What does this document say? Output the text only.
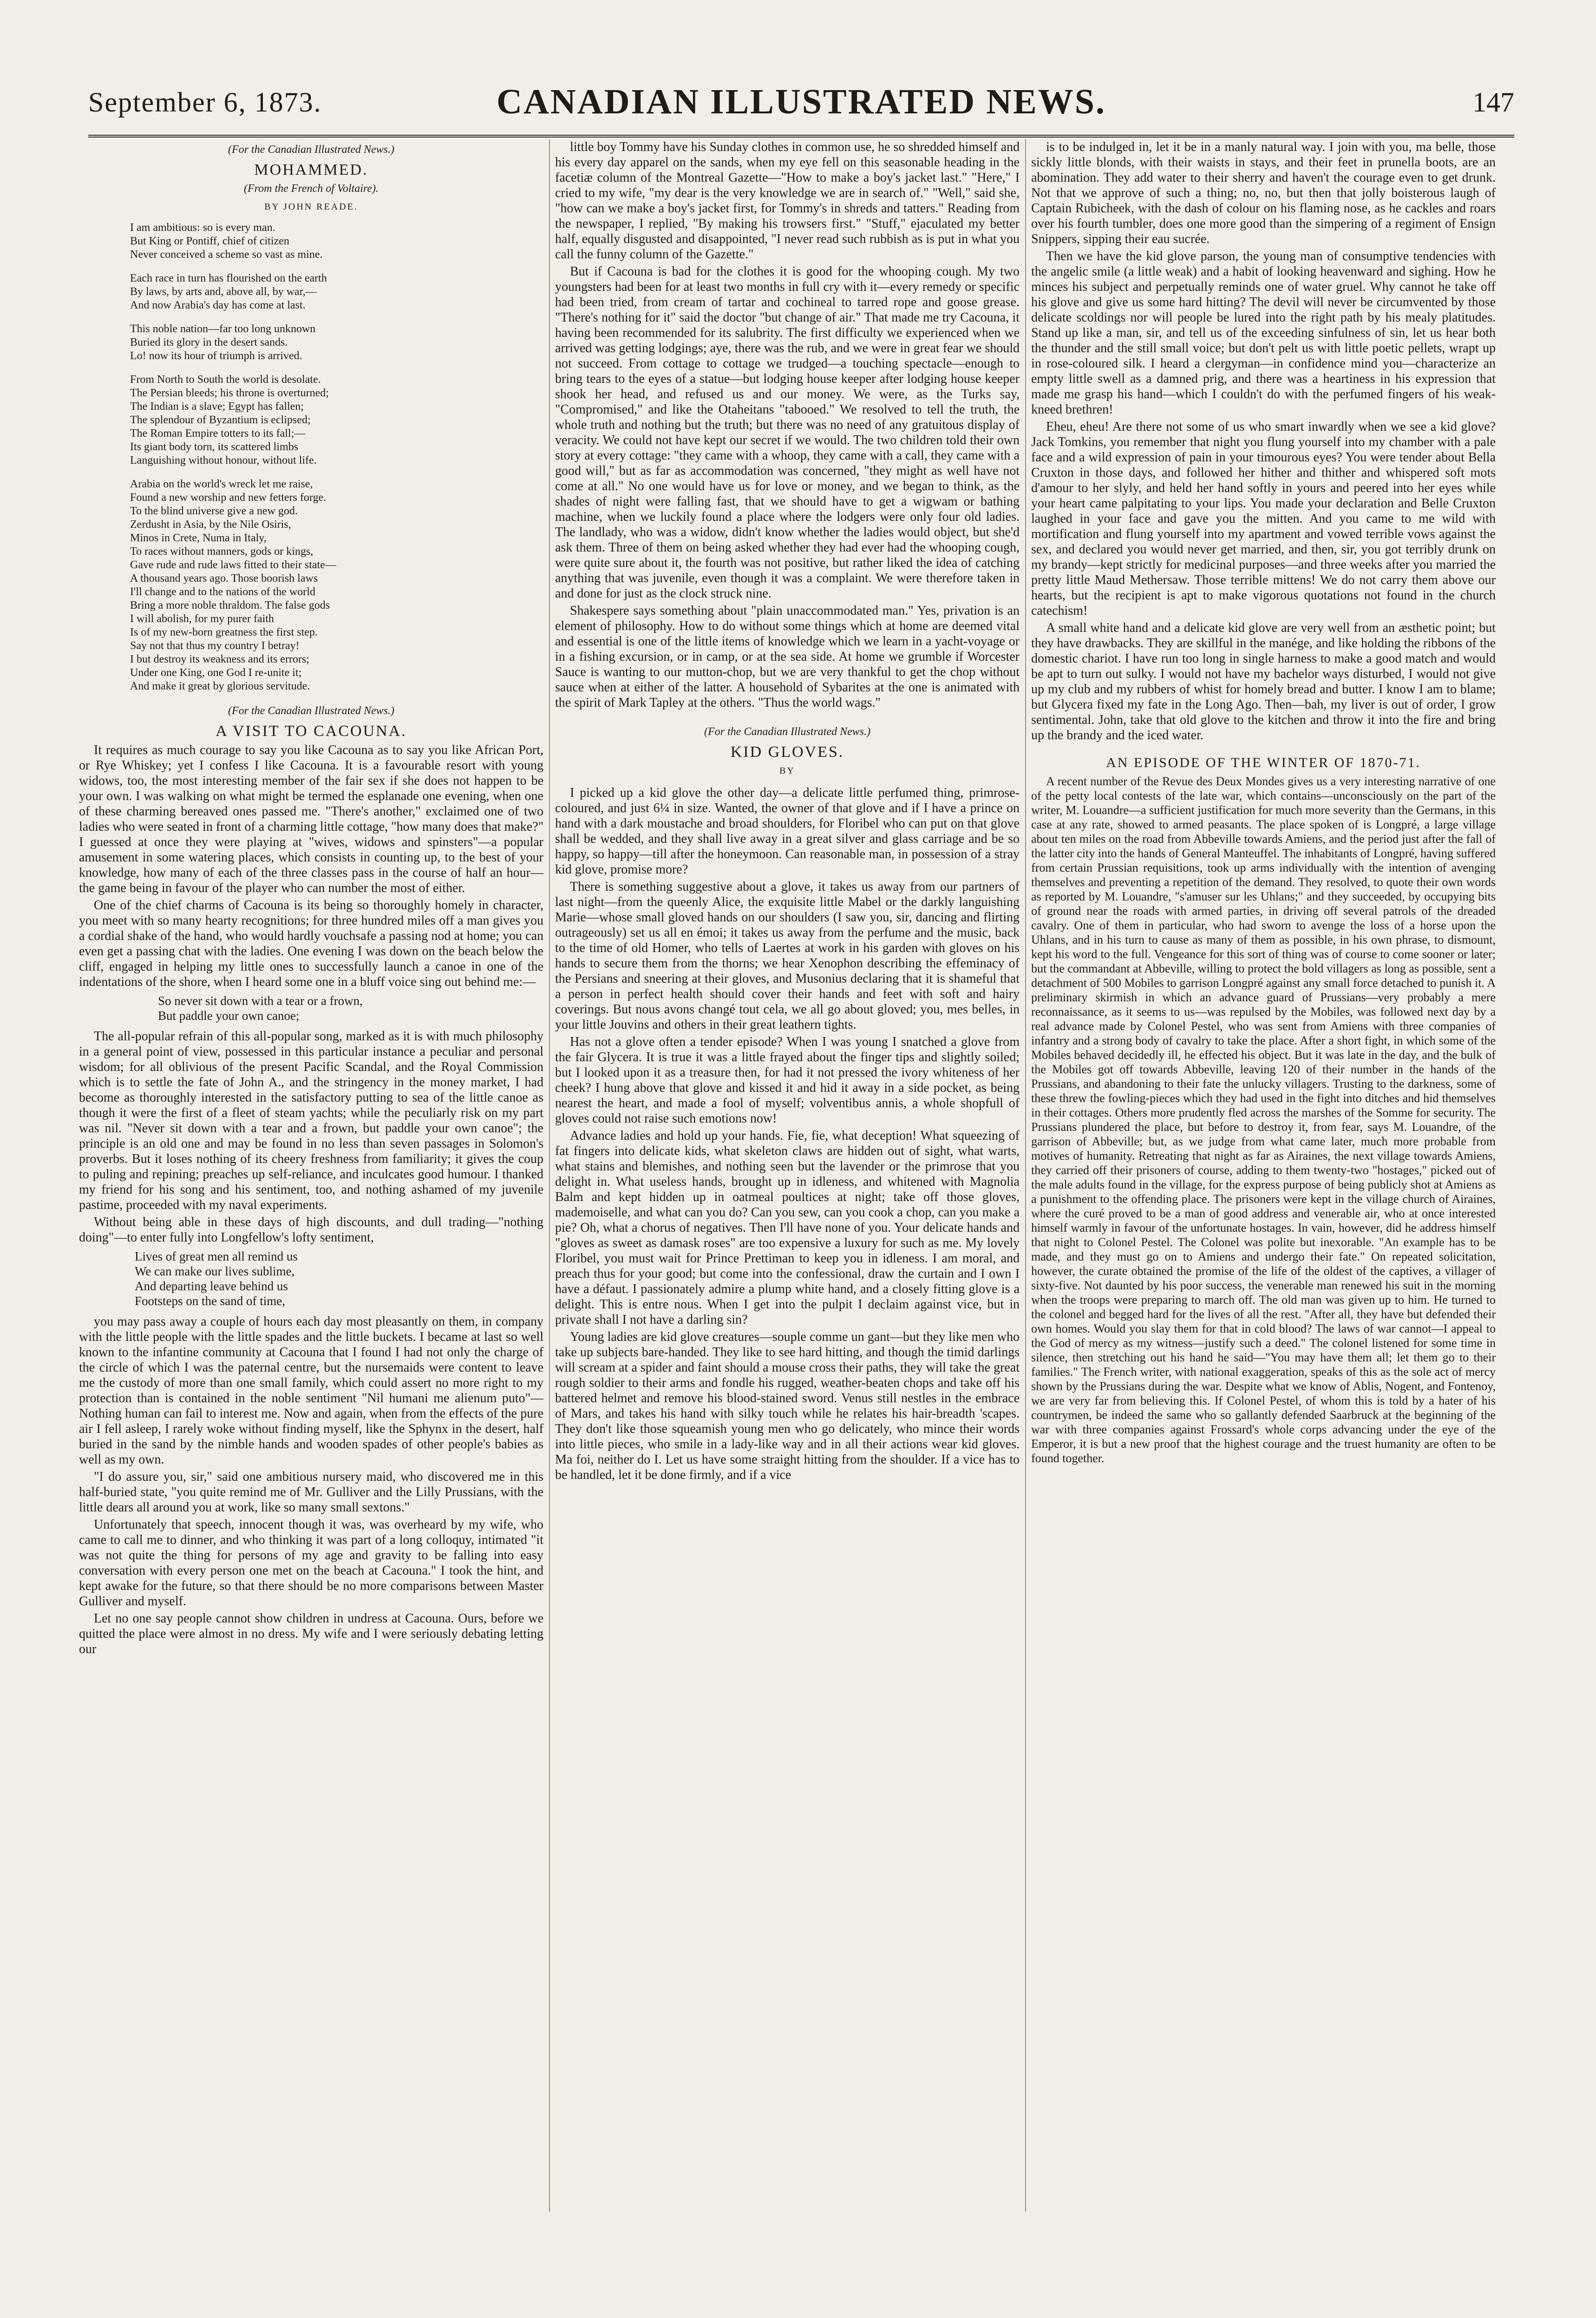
September 6, 1873.	CANADIAN ILLUSTRATED NEWS.	147
(For the Canadian Illustrated News.)
MOHAMMED.
(From the French of Voltaire).
BY JOHN READE.
I am ambitious: so is every man.
But King or Pontiff, chief of citizen
Never conceived a scheme so vast as mine.
Each race in turn has flourished on the earth
By laws, by arts and, above all, by war,—
And now Arabia's day has come at last.
This noble nation—far too long unknown
Buried its glory in the desert sands.
Lo! now its hour of triumph is arrived.
From North to South the world is desolate.
The Persian bleeds; his throne is overturned;
The Indian is a slave; Egypt has fallen;
The splendour of Byzantium is eclipsed;
The Roman Empire totters to its fall;—
Its giant body torn, its scattered limbs
Languishing without honour, without life.
Arabia on the world's wreck let me raise,
Found a new worship and new fetters forge.
To the blind universe give a new god.
Zerdusht in Asia, by the Nile Osiris,
Minos in Crete, Numa in Italy,
To races without manners, gods or kings,
Gave rude and rude laws fitted to their state—
A thousand years ago. Those boorish laws
I'll change and to the nations of the world
Bring a more noble thraldom. The false gods
I will abolish, for my purer faith
Is of my new-born greatness the first step.
Say not that thus my country I betray!
I but destroy its weakness and its errors;
Under one King, one God I re-unite it;
And make it great by glorious servitude.
(For the Canadian Illustrated News.)
A VISIT TO CACOUNA.

It requires as much courage to say you like Cacouna as to say you like African Port, or Rye Whiskey; yet I confess I like Cacouna. It is a favourable resort with young widows, too, the most interesting member of the fair sex if she does not happen to be your own. I was walking on what might be termed the esplanade one evening, when one of these charming bereaved ones passed me. "There's another," exclaimed one of two ladies who were seated in front of a charming little cottage, "how many does that make?" I guessed at once they were playing at "wives, widows and spinsters"—a popular amusement in some watering places, which consists in counting up, to the best of your knowledge, how many of each of the three classes pass in the course of half an hour—the game being in favour of the player who can number the most of either.

One of the chief charms of Cacouna is its being so thoroughly homely in character, you meet with so many hearty recognitions; for three hundred miles off a man gives you a cordial shake of the hand, who would hardly vouchsafe a passing nod at home; you can even get a passing chat with the ladies. One evening I was down on the beach below the cliff, engaged in helping my little ones to successfully launch a canoe in one of the indentations of the shore, when I heard some one in a bluff voice sing out behind me:—

So never sit down with a tear or a frown,
But paddle your own canoe;

The all-popular refrain of this all-popular song, marked as it is with much philosophy in a general point of view, possessed in this particular instance a peculiar and personal wisdom; for all oblivious of the present Pacific Scandal, and the Royal Commission which is to settle the fate of John A., and the stringency in the money market, I had become as thoroughly interested in the satisfactory putting to sea of the little canoe as though it were the first of a fleet of steam yachts; while the peculiarly risk on my part was nil. "Never sit down with a tear and a frown, but paddle your own canoe"; the principle is an old one and may be found in no less than seven passages in Solomon's proverbs. But it loses nothing of its cheery freshness from familiarity; it gives the coup to puling and repining; preaches up self-reliance, and inculcates good humour. I thanked my friend for his song and his sentiment, too, and nothing ashamed of my juvenile pastime, proceeded with my naval experiments.

Without being able in these days of high discounts, and dull trading—"nothing doing"—to enter fully into Longfellow's lofty sentiment,

Lives of great men all remind us
We can make our lives sublime,
And departing leave behind us
Footsteps on the sand of time,

you may pass away a couple of hours each day most pleasantly on them, in company with the little people with the little spades and the little buckets. I became at last so well known to the infantine community at Cacouna that I found I had not only the charge of the circle of which I was the paternal centre, but the nursemaids were content to leave me the custody of more than one small family, which could assert no more right to my protection than is contained in the noble sentiment "Nil humani me alienum puto"—Nothing human can fail to interest me. Now and again, when from the effects of the pure air I fell asleep, I rarely woke without finding myself, like the Sphynx in the desert, half buried in the sand by the nimble hands and wooden spades of other people's babies as well as my own.

"I do assure you, sir," said one ambitious nursery maid, who discovered me in this half-buried state, "you quite remind me of Mr. Gulliver and the Lilly Prussians, with the little dears all around you at work, like so many small sextons."

Unfortunately that speech, innocent though it was, was overheard by my wife, who came to call me to dinner, and who thinking it was part of a long colloquy, intimated "it was not quite the thing for persons of my age and gravity to be falling into easy conversation with every person one met on the beach at Cacouna." I took the hint, and kept awake for the future, so that there should be no more comparisons between Master Gulliver and myself.

Let no one say people cannot show children in undress at Cacouna. Ours, before we quitted the place were almost in no dress. My wife and I were seriously debating letting our

little boy Tommy have his Sunday clothes in common use, he so shredded himself and his every day apparel on the sands, when my eye fell on this seasonable heading in the facetiæ column of the Montreal Gazette—"How to make a boy's jacket last." "Here," I cried to my wife, "my dear is the very knowledge we are in search of." "Well," said she, "how can we make a boy's jacket first, for Tommy's in shreds and tatters." Reading from the newspaper, I replied, "By making his trowsers first." "Stuff," ejaculated my better half, equally disgusted and disappointed, "I never read such rubbish as is put in what you call the funny column of the Gazette."

But if Cacouna is bad for the clothes it is good for the whooping cough. My two youngsters had been for at least two months in full cry with it—every remedy or specific had been tried, from cream of tartar and cochineal to tarred rope and goose grease. "There's nothing for it" said the doctor "but change of air." That made me try Cacouna, it having been recommended for its salubrity. The first difficulty we experienced when we arrived was getting lodgings; aye, there was the rub, and we were in great fear we should not succeed. From cottage to cottage we trudged—a touching spectacle—enough to bring tears to the eyes of a statue—but lodging house keeper after lodging house keeper shook her head, and refused us and our money. We were, as the Turks say, "Compromised," and like the Otaheitans "tabooed." We resolved to tell the truth, the whole truth and nothing but the truth; but there was no need of any gratuitous display of veracity. We could not have kept our secret if we would. The two children told their own story at every cottage: "they came with a whoop, they came with a call, they came with a good will," but as far as accommodation was concerned, "they might as well have not come at all." No one would have us for love or money, and we began to think, as the shades of night were falling fast, that we should have to get a wigwam or bathing machine, when we luckily found a place where the lodgers were only four old ladies. The landlady, who was a widow, didn't know whether the ladies would object, but she'd ask them. Three of them on being asked whether they had ever had the whooping cough, were quite sure about it, the fourth was not positive, but rather liked the idea of catching anything that was juvenile, even though it was a complaint. We were therefore taken in and done for just as the clock struck nine.

Shakespere says something about "plain unaccommodated man." Yes, privation is an element of philosophy. How to do without some things which at home are deemed vital and essential is one of the little items of knowledge which we learn in a yacht-voyage or in a fishing excursion, or in camp, or at the sea side. At home we grumble if Worcester Sauce is wanting to our mutton-chop, but we are very thankful to get the chop without sauce when at either of the latter. A household of Sybarites at the one is animated with the spirit of Mark Tapley at the others. "Thus the world wags."

(For the Canadian Illustrated News.)
KID GLOVES.
BY

I picked up a kid glove the other day—a delicate little perfumed thing, primrose-coloured, and just 6¼ in size. Wanted, the owner of that glove and if I have a prince on hand with a dark moustache and broad shoulders, for Floribel who can put on that glove shall be wedded, and they shall live away in a great silver and glass carriage and be so happy, so happy—till after the honeymoon. Can reasonable man, in possession of a stray kid glove, promise more?

There is something suggestive about a glove, it takes us away from our partners of last night—from the queenly Alice, the exquisite little Mabel or the darkly languishing Marie—whose small gloved hands on our shoulders (I saw you, sir, dancing and flirting outrageously) set us all en émoi; it takes us away from the perfume and the music, back to the time of old Homer, who tells of Laertes at work in his garden with gloves on his hands to secure them from the thorns; we hear Xenophon describing the effeminacy of the Persians and sneering at their gloves, and Musonius declaring that it is shameful that a person in perfect health should cover their hands and feet with soft and hairy coverings. But nous avons changé tout cela, we all go about gloved; you, mes belles, in your little Jouvins and others in their great leathern tights.

Has not a glove often a tender episode? When I was young I snatched a glove from the fair Glycera. It is true it was a little frayed about the finger tips and slightly soiled; but I looked upon it as a treasure then, for had it not pressed the ivory whiteness of her cheek? I hung above that glove and kissed it and hid it away in a side pocket, as being nearest the heart, and made a fool of myself; volventibus annis, a whole shopfull of gloves could not raise such emotions now!

Advance ladies and hold up your hands. Fie, fie, what deception! What squeezing of fat fingers into delicate kids, what skeleton claws are hidden out of sight, what warts, what stains and blemishes, and nothing seen but the lavender or the primrose that you delight in. What useless hands, brought up in idleness, and whitened with Magnolia Balm and kept hidden up in oatmeal poultices at night; take off those gloves, mademoiselle, and what can you do? Can you sew, can you cook a chop, can you make a pie? Oh, what a chorus of negatives. Then I'll have none of you. Your delicate hands and "gloves as sweet as damask roses" are too expensive a luxury for such as me. My lovely Floribel, you must wait for Prince Prettiman to keep you in idleness. I am moral, and preach thus for your good; but come into the confessional, draw the curtain and I own I have a défaut. I passionately admire a plump white hand, and a closely fitting glove is a delight. This is entre nous. When I get into the pulpit I declaim against vice, but in private shall I not have a darling sin?

Young ladies are kid glove creatures—souple comme un gant—but they like men who take up subjects bare-handed. They like to see hard hitting, and though the timid darlings will scream at a spider and faint should a mouse cross their paths, they will take the great rough soldier to their arms and fondle his rugged, weather-beaten chops and take off his battered helmet and remove his blood-stained sword. Venus still nestles in the embrace of Mars, and takes his hand with silky touch while he relates his hair-breadth 'scapes. They don't like those squeamish young men who go delicately, who mince their words into little pieces, who smile in a lady-like way and in all their actions wear kid gloves. Ma foi, neither do I. Let us have some straight hitting from the shoulder. If a vice has to be handled, let it be done firmly, and if a vice

is to be indulged in, let it be in a manly natural way. I join with you, ma belle, those sickly little blonds, with their waists in stays, and their feet in prunella boots, are an abomination. They add water to their sherry and haven't the courage even to get drunk. Not that we approve of such a thing; no, no, but then that jolly boisterous laugh of Captain Rubicheek, with the dash of colour on his flaming nose, as he cackles and roars over his fourth tumbler, does one more good than the simpering of a regiment of Ensign Snippers, sipping their eau sucrée.

Then we have the kid glove parson, the young man of consumptive tendencies with the angelic smile (a little weak) and a habit of looking heavenward and sighing. How he minces his subject and perpetually reminds one of water gruel. Why cannot he take off his glove and give us some hard hitting? The devil will never be circumvented by those delicate scoldings nor will people be lured into the right path by his mealy platitudes. Stand up like a man, sir, and tell us of the exceeding sinfulness of sin, let us hear both the thunder and the still small voice; but don't pelt us with little poetic pellets, wrapt up in rose-coloured silk. I heard a clergyman—in confidence mind you—characterize an empty little swell as a damned prig, and there was a heartiness in his expression that made me grasp his hand—which I couldn't do with the perfumed fingers of his weak-kneed brethren!

Eheu, eheu! Are there not some of us who smart inwardly when we see a kid glove? Jack Tomkins, you remember that night you flung yourself into my chamber with a pale face and a wild expression of pain in your timourous eyes? You were tender about Bella Cruxton in those days, and followed her hither and thither and whispered soft mots d'amour to her slyly, and held her hand softly in yours and peered into her eyes while your heart came palpitating to your lips. You made your declaration and Belle Cruxton laughed in your face and gave you the mitten. And you came to me wild with mortification and flung yourself into my apartment and vowed terrible vows against the sex, and declared you would never get married, and then, sir, you got terribly drunk on my brandy—kept strictly for medicinal purposes—and three weeks after you married the pretty little Maud Methersaw. Those terrible mittens! We do not carry them above our hearts, but the recipient is apt to make vigorous quotations not found in the church catechism!

A small white hand and a delicate kid glove are very well from an æsthetic point; but they have drawbacks. They are skillful in the manége, and like holding the ribbons of the domestic chariot. I have run too long in single harness to make a good match and would be apt to turn out sulky. I would not have my bachelor ways disturbed, I would not give up my club and my rubbers of whist for homely bread and butter. I know I am to blame; but Glycera fixed my fate in the Long Ago. Then—bah, my liver is out of order, I grow sentimental. John, take that old glove to the kitchen and throw it into the fire and bring up the brandy and the iced water.

AN EPISODE OF THE WINTER OF 1870-71.

A recent number of the Revue des Deux Mondes gives us a very interesting narrative of one of the petty local contests of the late war, which contains—unconsciously on the part of the writer, M. Louandre—a sufficient justification for much more severity than the Germans, in this case at any rate, showed to armed peasants. The place spoken of is Longpré, a large village about ten miles on the road from Abbeville towards Amiens, and the period just after the fall of the latter city into the hands of General Manteuffel. The inhabitants of Longpré, having suffered from certain Prussian requisitions, took up arms individually with the intention of avenging themselves and preventing a repetition of the demand. They resolved, to quote their own words as reported by M. Louandre, "s'amuser sur les Uhlans;" and they succeeded, by occupying bits of ground near the roads with armed parties, in driving off several patrols of the dreaded cavalry. One of them in particular, who had sworn to avenge the loss of a horse upon the Uhlans, and in his turn to cause as many of them as possible, in his own phrase, to dismount, kept his word to the full. Vengeance for this sort of thing was of course to come sooner or later; but the commandant at Abbeville, willing to protect the bold villagers as long as possible, sent a detachment of 500 Mobiles to garrison Longpré against any small force detached to punish it. A preliminary skirmish in which an advance guard of Prussians—very probably a mere reconnaissance, as it seems to us—was repulsed by the Mobiles, was followed next day by a real advance made by Colonel Pestel, who was sent from Amiens with three companies of infantry and a strong body of cavalry to take the place. After a short fight, in which some of the Mobiles behaved decidedly ill, he effected his object. But it was late in the day, and the bulk of the Mobiles got off towards Abbeville, leaving 120 of their number in the hands of the Prussians, and abandoning to their fate the unlucky villagers. Trusting to the darkness, some of these threw the fowling-pieces which they had used in the fight into ditches and hid themselves in their cottages. Others more prudently fled across the marshes of the Somme for security. The Prussians plundered the place, but before to destroy it, from fear, says M. Louandre, of the garrison of Abbeville; but, as we judge from what came later, much more probable from motives of humanity. Retreating that night as far as Airaines, the next village towards Amiens, they carried off their prisoners of course, adding to them twenty-two "hostages," picked out of the male adults found in the village, for the express purpose of being publicly shot at Amiens as a punishment to the offending place. The prisoners were kept in the village church of Airaines, where the curé proved to be a man of good address and venerable air, who at once interested himself warmly in favour of the unfortunate hostages. In vain, however, did he address himself that night to Colonel Pestel. The Colonel was polite but inexorable. "An example has to be made, and they must go on to Amiens and undergo their fate." On repeated solicitation, however, the curate obtained the promise of the life of the oldest of the captives, a villager of sixty-five. Not daunted by his poor success, the venerable man renewed his suit in the morning when the troops were preparing to march off. The old man was given up to him. He turned to the colonel and begged hard for the lives of all the rest. "After all, they have but defended their own homes. Would you slay them for that in cold blood? The laws of war cannot—I appeal to the God of mercy as my witness—justify such a deed." The colonel listened for some time in silence, then stretching out his hand he said—"You may have them all; let them go to their families." The French writer, with national exaggeration, speaks of this as the sole act of mercy shown by the Prussians during the war. Despite what we know of Ablis, Nogent, and Fontenoy, we are very far from believing this. If Colonel Pestel, of whom this is told by a hater of his countrymen, be indeed the same who so gallantly defended Saarbruck at the beginning of the war with three companies against Frossard's whole corps advancing under the eye of the Emperor, it is but a new proof that the highest courage and the truest humanity are often to be found together.
